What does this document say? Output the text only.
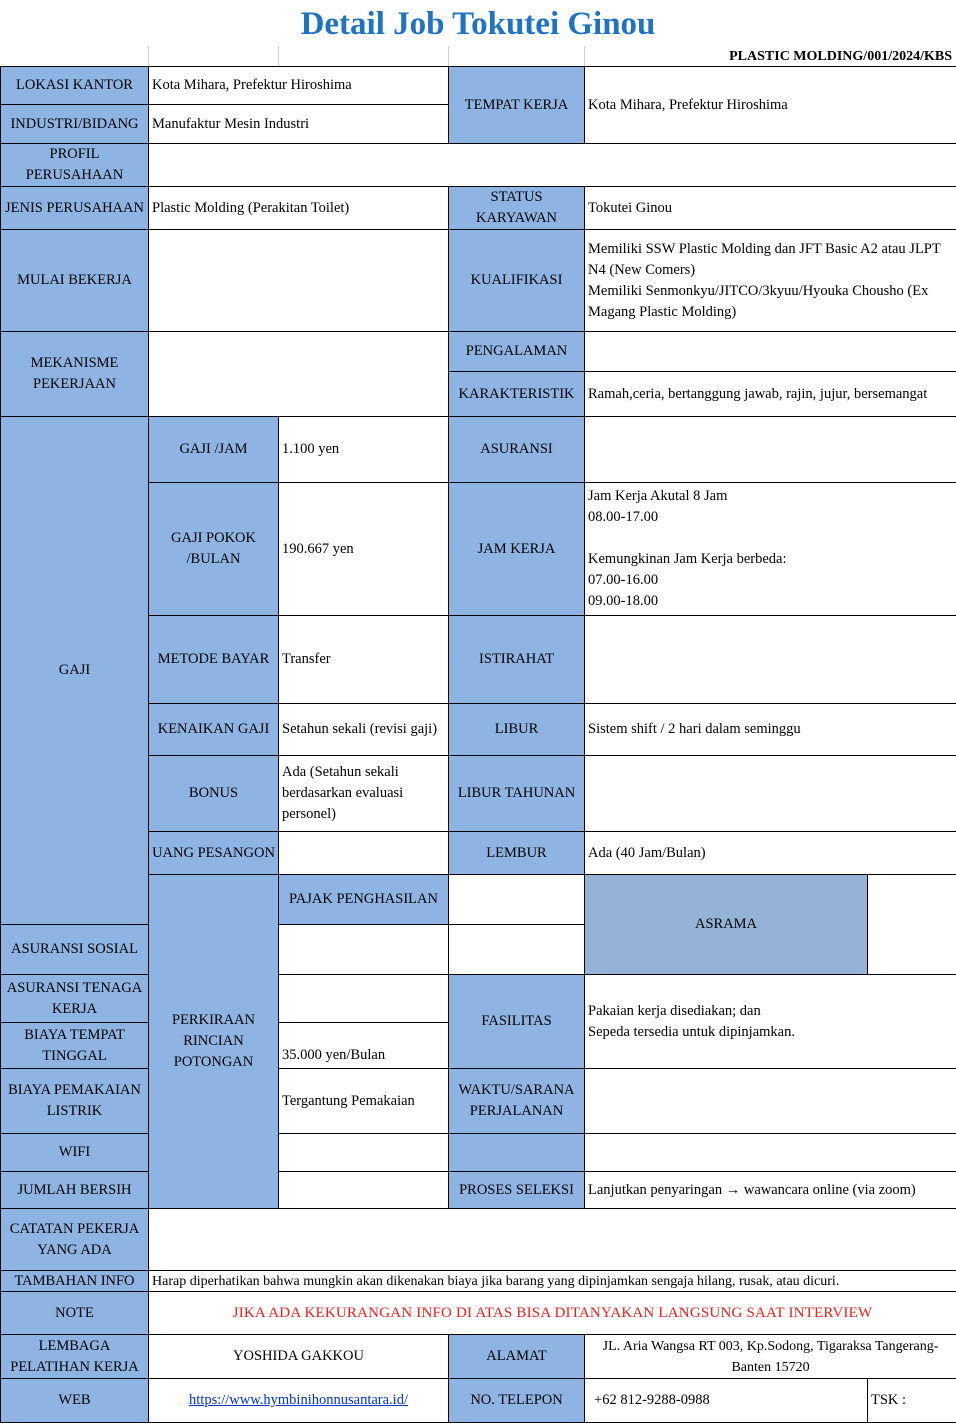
Detail Job Tokutei Ginou
PLASTIC MOLDING/001/2024/KBS
LOKASI KANTOR	Kota Mihara, Prefektur Hiroshima		TEMPAT KERJA	Kota Mihara, Prefektur Hiroshima	
INDUSTRI/BIDANG	Manufaktur Mesin Industri				
PROFIL PERUSAHAAN					
JENIS PERUSAHAAN	Plastic Molding (Perakitan Toilet)		STATUS KARYAWAN	Tokutei Ginou	
MULAI BEKERJA			KUALIFIKASI	Memiliki SSW Plastic Molding dan JFT Basic A2 atau JLPT N4 (New Comers)
Memiliki Senmonkyu/JITCO/3kyuu/Hyouka Chousho (Ex Magang Plastic Molding)	
MEKANISME PEKERJAAN			PENGALAMAN		
			KARAKTERISTIK	Ramah,ceria, bertanggung jawab, rajin, jujur, bersemangat	
GAJI	GAJI /JAM	1.100 yen	ASURANSI		
	GAJI POKOK /BULAN	190.667 yen	JAM KERJA	Jam Kerja Akutal 8 Jam
08.00-17.00

Kemungkinan Jam Kerja berbeda:
07.00-16.00
09.00-18.00	
	METODE BAYAR	Transfer	ISTIRAHAT		
	KENAIKAN GAJI	Setahun sekali (revisi gaji)	LIBUR	Sistem shift / 2 hari dalam seminggu	
	BONUS	Ada (Setahun sekali berdasarkan evaluasi personel)	LIBUR TAHUNAN		
	UANG PESANGON		LEMBUR	Ada (40 Jam/Bulan)	
	PERKIRAAN RINCIAN POTONGAN	PAJAK PENGHASILAN		ASRAMA	
ASURANSI SOSIAL					
ASURANSI TENAGA KERJA			FASILITAS	Pakaian kerja disediakan; dan
Sepeda tersedia untuk dipinjamkan.	
BIAYA TEMPAT TINGGAL		35.000 yen/Bulan			
BIAYA PEMAKAIAN LISTRIK		Tergantung Pemakaian	WAKTU/SARANA PERJALANAN		
WIFI					
JUMLAH BERSIH			PROSES SELEKSI	Lanjutkan penyaringan → wawancara online (via zoom)	
CATATAN PEKERJA YANG ADA					
TAMBAHAN INFO	Harap diperhatikan bahwa mungkin akan dikenakan biaya jika barang yang dipinjamkan sengaja hilang, rusak, atau dicuri.				
NOTE	JIKA ADA KEKURANGAN INFO DI ATAS BISA DITANYAKAN LANGSUNG SAAT INTERVIEW				
LEMBAGA PELATIHAN KERJA	YOSHIDA GAKKOU		ALAMAT	JL. Aria Wangsa RT 003, Kp.Sodong, Tigaraksa Tangerang-Banten 15720	
WEB	https://www.hymbinihonnusantara.id/		NO. TELEPON	+62 812-9288-0988	TSK :
